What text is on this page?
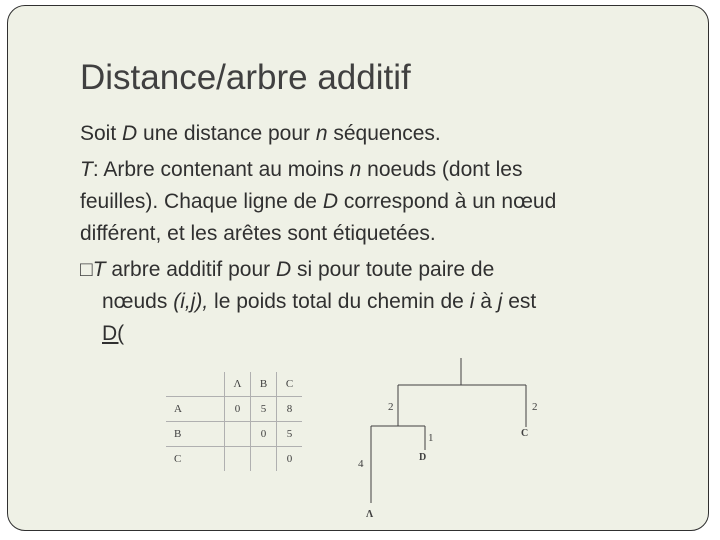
Distance/arbre additif
Soit D une distance pour n séquences.
T: Arbre contenant au moins n noeuds (dont les
feuilles). Chaque ligne de D correspond à un nœud
différent, et les arêtes sont étiquetées.
□T arbre additif pour D si pour toute paire de
nœuds (i,j), le poids total du chemin de i à j est
D(
	Λ	B	C
A	0	5	8
B		0	5
C			0
2	2
1
4
C
D
Λ
